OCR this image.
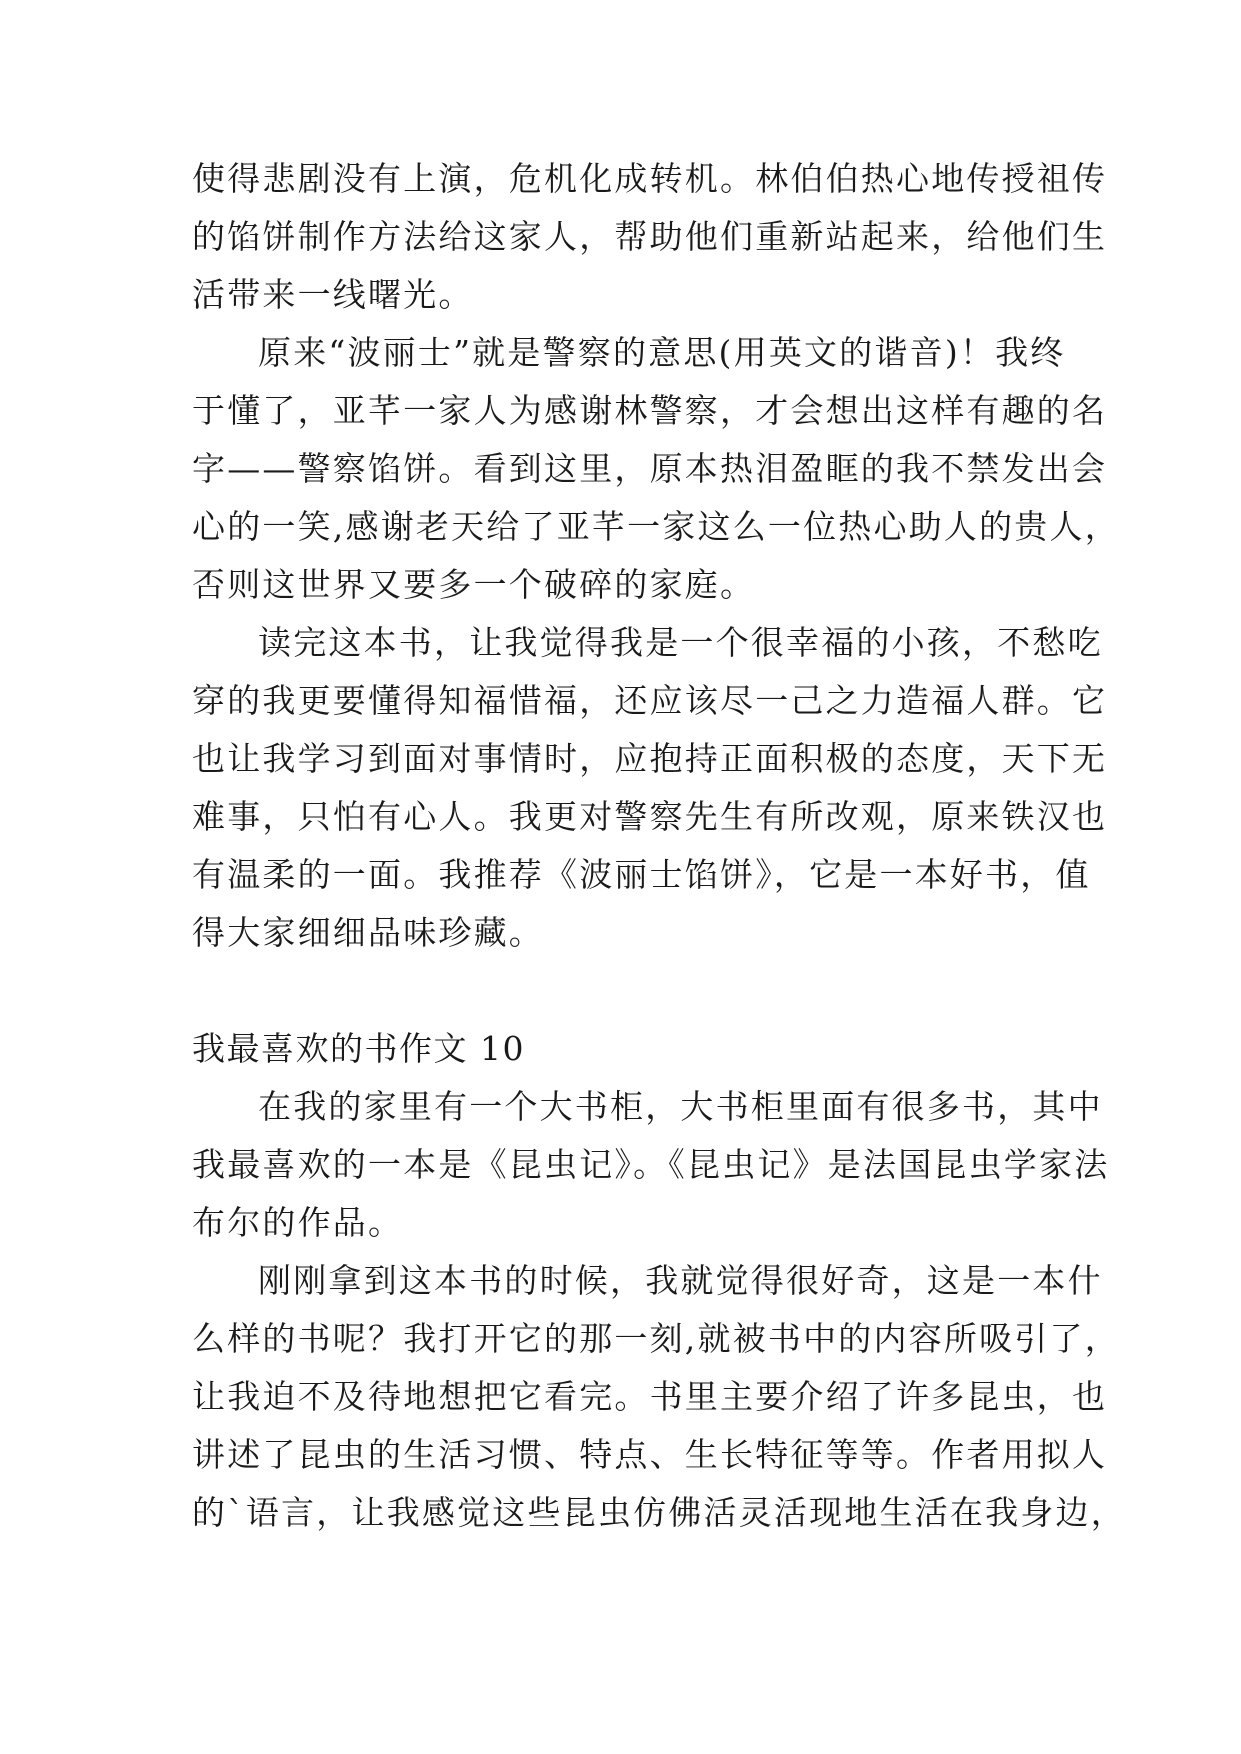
使得悲剧没有上演，危机化成转机。林伯伯热心地传授祖传
的馅饼制作方法给这家人，帮助他们重新站起来，给他们生
活带来一线曙光。
原来“波丽士”就是警察的意思(用英文的谐音)！我终
于懂了，亚芊一家人为感谢林警察，才会想出这样有趣的名
字——警察馅饼。看到这里，原本热泪盈眶的我不禁发出会
心的一笑,感谢老天给了亚芊一家这么一位热心助人的贵人，
否则这世界又要多一个破碎的家庭。
读完这本书，让我觉得我是一个很幸福的小孩，不愁吃
穿的我更要懂得知福惜福，还应该尽一己之力造福人群。它
也让我学习到面对事情时，应抱持正面积极的态度，天下无
难事，只怕有心人。我更对警察先生有所改观，原来铁汉也
有温柔的一面。我推荐《波丽士馅饼》，它是一本好书，值
得大家细细品味珍藏。
我最喜欢的书作文 10
在我的家里有一个大书柜，大书柜里面有很多书，其中
我最喜欢的一本是《昆虫记》。《昆虫记》是法国昆虫学家法
布尔的作品。
刚刚拿到这本书的时候，我就觉得很好奇，这是一本什
么样的书呢？我打开它的那一刻,就被书中的内容所吸引了，
让我迫不及待地想把它看完。书里主要介绍了许多昆虫，也
讲述了昆虫的生活习惯、特点、生长特征等等。作者用拟人
的`语言，让我感觉这些昆虫仿佛活灵活现地生活在我身边，
